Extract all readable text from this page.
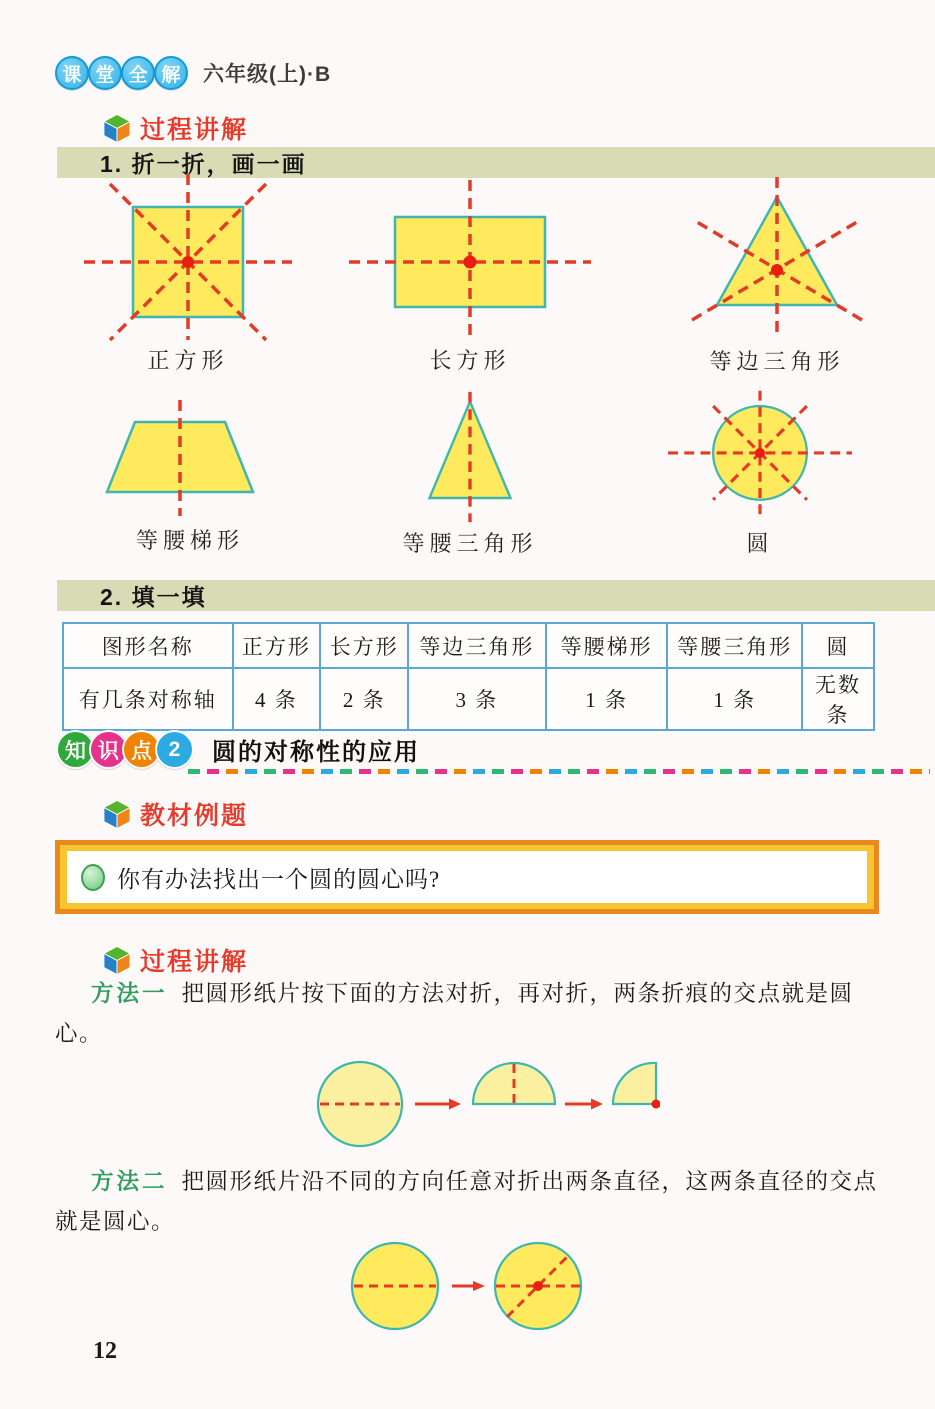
课 堂 全 解	六年级(上)·B
过程讲解
1. 折一折，画一画
正方形	长方形	等边三角形
等腰梯形	等腰三角形	圆
2. 填一填
图形名称	正方形	长方形	等边三角形	等腰梯形	等腰三角形	圆
有几条对称轴	4 条	2 条	3 条	1 条	1 条	无数条
知 识 点 2	圆的对称性的应用
教材例题
你有办法找出一个圆的圆心吗?
过程讲解
方法一 把圆形纸片按下面的方法对折，再对折，两条折痕的交点就是圆心。
方法二 把圆形纸片沿不同的方向任意对折出两条直径，这两条直径的交点就是圆心。
12
